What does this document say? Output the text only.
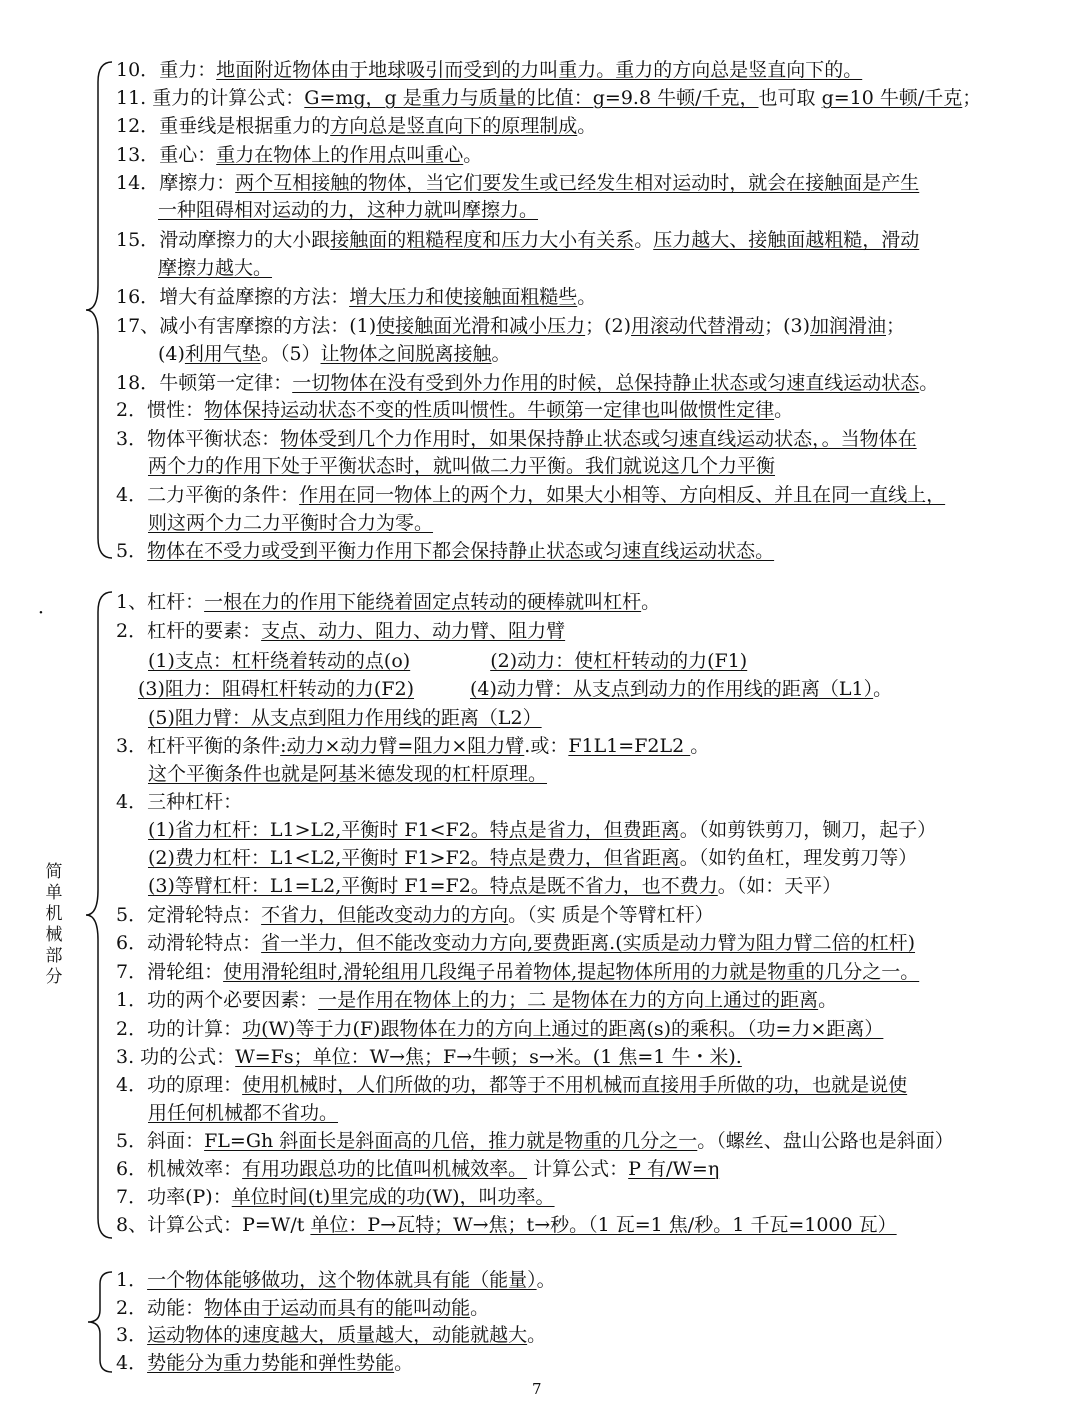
．
简
单
机
械
部
分
10．重力：地面附近物体由于地球吸引而受到的力叫重力。重力的方向总是竖直向下的。
11. 重力的计算公式：G=mg，g 是重力与质量的比值：g=9.8 牛顿/千克，也可取 g=10 牛顿/千克；
12．重垂线是根据重力的方向总是竖直向下的原理制成。
13．重心：重力在物体上的作用点叫重心。
14．摩擦力：两个互相接触的物体，当它们要发生或已经发生相对运动时，就会在接触面是产生
一种阻碍相对运动的力，这种力就叫摩擦力。
15．滑动摩擦力的大小跟接触面的粗糙程度和压力大小有关系。压力越大、接触面越粗糙，滑动
摩擦力越大。
16．增大有益摩擦的方法：增大压力和使接触面粗糙些。
17、减小有害摩擦的方法：(1)使接触面光滑和减小压力；(2)用滚动代替滑动；(3)加润滑油；
(4)利用气垫。（5）让物体之间脱离接触。
18．牛顿第一定律：一切物体在没有受到外力作用的时候，总保持静止状态或匀速直线运动状态。
2．惯性：物体保持运动状态不变的性质叫惯性。牛顿第一定律也叫做惯性定律。
3．物体平衡状态：物体受到几个力作用时，如果保持静止状态或匀速直线运动状态，。当物体在
两个力的作用下处于平衡状态时，就叫做二力平衡。我们就说这几个力平衡
4．二力平衡的条件：作用在同一物体上的两个力，如果大小相等、方向相反、并且在同一直线上，
则这两个力二力平衡时合力为零。
5．物体在不受力或受到平衡力作用下都会保持静止状态或匀速直线运动状态。
1、杠杆：一根在力的作用下能绕着固定点转动的硬棒就叫杠杆。
2．杠杆的要素：支点、动力、阻力、动力臂、阻力臂
(1)支点：杠杆绕着转动的点(o)	(2)动力：使杠杆转动的力(F1)
(3)阻力：阻碍杠杆转动的力(F2)	(4)动力臂：从支点到动力的作用线的距离（L1）。
(5)阻力臂：从支点到阻力作用线的距离（L2）
3．杠杆平衡的条件:动力×动力臂=阻力×阻力臂.或：F1L1=F2L2 。
这个平衡条件也就是阿基米德发现的杠杆原理。
4．三种杠杆：
(1)省力杠杆：L1>L2,平衡时 F1<F2。特点是省力，但费距离。（如剪铁剪刀，铡刀，起子）
(2)费力杠杆：L1<L2,平衡时 F1>F2。特点是费力，但省距离。（如钓鱼杠，理发剪刀等）
(3)等臂杠杆：L1=L2,平衡时 F1=F2。特点是既不省力，也不费力。（如：天平）
5．定滑轮特点：不省力，但能改变动力的方向。（实 质是个等臂杠杆）
6．动滑轮特点：省一半力，但不能改变动力方向,要费距离.(实质是动力臂为阻力臂二倍的杠杆)
7．滑轮组：使用滑轮组时,滑轮组用几段绳子吊着物体,提起物体所用的力就是物重的几分之一。
1．功的两个必要因素：一是作用在物体上的力；二 是物体在力的方向上通过的距离。
2．功的计算：功(W)等于力(F)跟物体在力的方向上通过的距离(s)的乘积。（功=力×距离）
3. 功的公式：W=Fs；单位：W→焦；F→牛顿；s→米。(1 焦=1 牛・米).
4．功的原理：使用机械时，人们所做的功，都等于不用机械而直接用手所做的功，也就是说使
用任何机械都不省功。
5．斜面：FL=Gh 斜面长是斜面高的几倍，推力就是物重的几分之一。（螺丝、盘山公路也是斜面）
6．机械效率：有用功跟总功的比值叫机械效率。 计算公式：P 有/W=η
7．功率(P)：单位时间(t)里完成的功(W)，叫功率。
8、计算公式：P=W/t 单位：P→瓦特；W→焦；t→秒。（1 瓦=1 焦/秒。1 千瓦=1000 瓦）
1．一个物体能够做功，这个物体就具有能（能量）。
2．动能：物体由于运动而具有的能叫动能。
3．运动物体的速度越大，质量越大，动能就越大。
4．势能分为重力势能和弹性势能。
7
